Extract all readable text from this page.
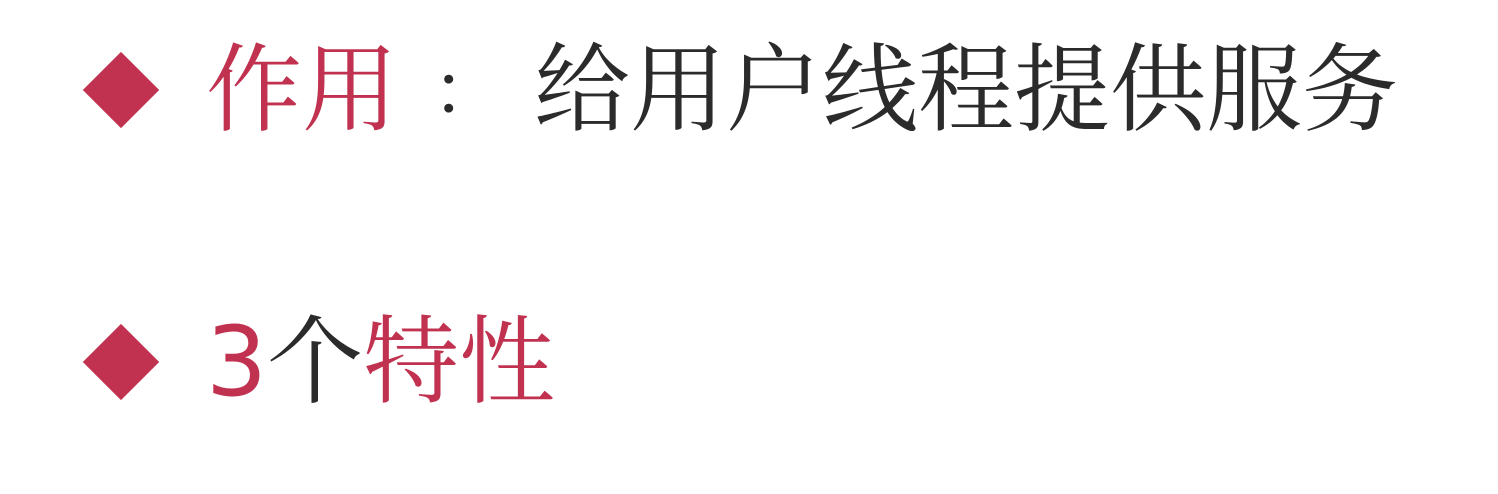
作用 ： 给用户线程提供服务
3 个 特性
